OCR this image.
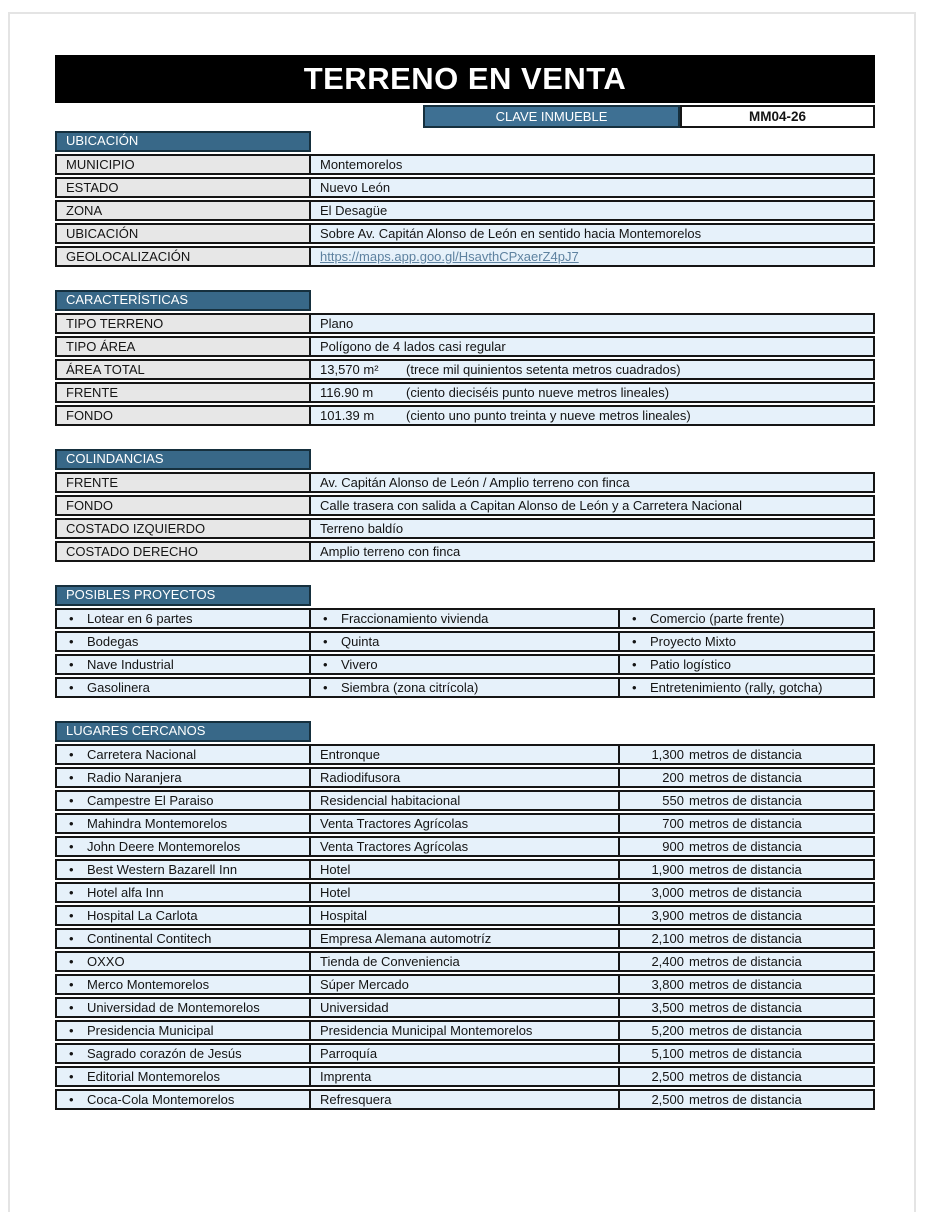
TERRENO EN VENTA
CLAVE INMUEBLE	MM04-26
UBICACIÓN
MUNICIPIO	Montemorelos
ESTADO	Nuevo León
ZONA	El Desagüe
UBICACIÓN	Sobre Av. Capitán Alonso de León en sentido hacia Montemorelos
GEOLOCALIZACIÓN	https://maps.app.goo.gl/HsavthCPxaerZ4pJ7
CARACTERÍSTICAS
TIPO TERRENO	Plano
TIPO ÁREA	Polígono de 4 lados casi regular
ÁREA TOTAL	13,570 m² (trece mil quinientos setenta metros cuadrados)
FRENTE	116.90 m	(ciento dieciséis punto nueve metros lineales)
FONDO	101.39 m (ciento uno punto treinta y nueve metros lineales)
COLINDANCIAS
FRENTE	Av. Capitán Alonso de León / Amplio terreno con finca
FONDO	Calle trasera con salida a Capitan Alonso de León y a Carretera Nacional
COSTADO IZQUIERDO	Terreno baldío
COSTADO DERECHO	Amplio terreno con finca
POSIBLES PROYECTOS
• Lotear en 6 partes	• Fraccionamiento vivienda	• Comercio (parte frente)
• Bodegas	• Quinta	• Proyecto Mixto
• Nave Industrial	• Vivero	• Patio logístico
• Gasolinera	• Siembra (zona citrícola)	• Entretenimiento (rally, gotcha)
LUGARES CERCANOS
• Carretera Nacional	Entronque	1,300 metros de distancia
• Radio Naranjera	Radiodifusora	200 metros de distancia
• Campestre El Paraiso	Residencial habitacional	550 metros de distancia
• Mahindra Montemorelos	Venta Tractores Agrícolas	700 metros de distancia
• John Deere Montemorelos	Venta Tractores Agrícolas	900 metros de distancia
• Best Western Bazarell Inn	Hotel	1,900 metros de distancia
• Hotel alfa Inn	Hotel	3,000 metros de distancia
• Hospital La Carlota	Hospital	3,900 metros de distancia
• Continental Contitech	Empresa Alemana automotríz	2,100 metros de distancia
• OXXO	Tienda de Conveniencia	2,400 metros de distancia
• Merco Montemorelos	Súper Mercado	3,800 metros de distancia
• Universidad de Montemorelos	Universidad	3,500 metros de distancia
• Presidencia Municipal	Presidencia Municipal Montemorelos	5,200 metros de distancia
• Sagrado corazón de Jesús	Parroquía	5,100 metros de distancia
• Editorial Montemorelos	Imprenta	2,500 metros de distancia
• Coca-Cola Montemorelos	Refresquera	2,500 metros de distancia
